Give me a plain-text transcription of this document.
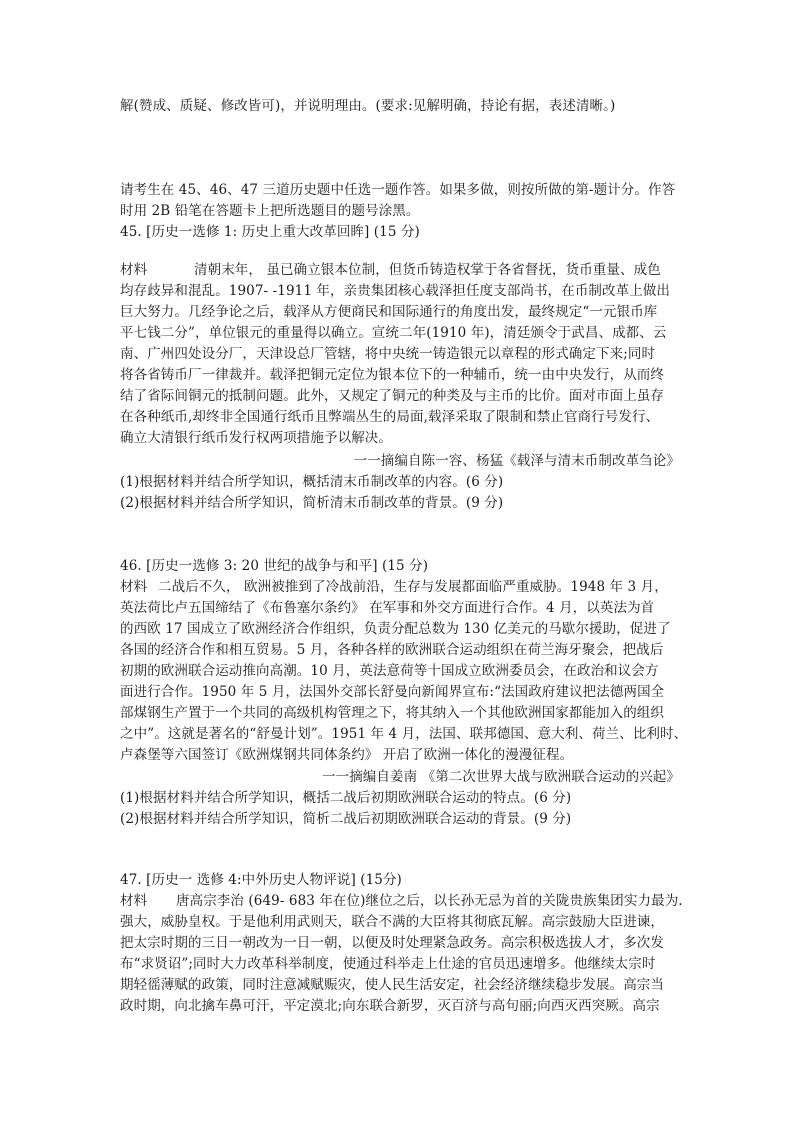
解(赞成、质疑、修改皆可)，并说明理由。(要求:见解明确，持论有据，表述清晰。)
请考生在 45、46、47 三道历史题中任选一题作答。如果多做，则按所做的第-题计分。作答
时用 2B 铅笔在答题卡上把所选题目的题号涂黑。
45. [历史一选修 1: 历史上重大改革回眸] (15 分)
材料	清朝末年， 虽已确立银本位制，但货币铸造权掌于各省督抚，货币重量、成色
均存歧异和混乱。1907- -1911 年，亲贵集团核心载泽担任度支部尚书，在币制改革上做出
巨大努力。几经争论之后，载泽从方便商民和国际通行的角度出发，最终规定“一元银币库
平七钱二分”，单位银元的重量得以确立。宣统二年(1910 年)，清廷颁令于武昌、成都、云
南、广州四处设分厂，天津设总厂管辖，将中央统一铸造银元以章程的形式确定下来;同时
将各省铸币厂一律裁并。载泽把铜元定位为银本位下的一种辅币，统一由中央发行，从而终
结了省际间铜元的抵制问题。此外，又规定了铜元的种类及与主币的比价。面对市面上虽存
在各种纸币,却终非全国通行纸币且弊端丛生的局面,载泽采取了限制和禁止官商行号发行、
确立大清银行纸币发行权两项措施予以解决。
一一摘编自陈一容、杨猛《载泽与清末币制改革刍论》
(1)根据材料并结合所学知识，概括清末币制改革的内容。(6 分)
(2)根据材料并结合所学知识，简析清末币制改革的背景。(9 分)
46. [历史一选修 3: 20 世纪的战争与和平] (15 分)
材料 二战后不久， 欧洲被推到了冷战前沿，生存与发展都面临严重威胁。1948 年 3 月，
英法荷比卢五国缔结了《布鲁塞尔条约》 在军事和外交方面进行合作。4 月，以英法为首
的西欧 17 国成立了欧洲经济合作组织，负责分配总数为 130 亿美元的马歇尔援助，促进了
各国的经济合作和相互贸易。5 月，各种各样的欧洲联合运动组织在荷兰海牙聚会，把战后
初期的欧洲联合运动推向高潮。10 月，英法意荷等十国成立欧洲委员会，在政治和议会方
面进行合作。1950 年 5 月，法国外交部长舒曼向新闻界宣布:“法国政府建议把法德两国全
部煤钢生产置于一个共同的高级机构管理之下，将其纳入一个其他欧洲国家都能加入的组织
之中”。这就是著名的“舒曼计划”。1951 年 4 月，法国、联邦德国、意大利、荷兰、比利时、
卢森堡等六国签订《欧洲煤钢共同体条约》 开启了欧洲一体化的漫漫征程。
一一摘编自姜南 《第二次世界大战与欧洲联合运动的兴起》
(1)根据材料并结合所学知识，概括二战后初期欧洲联合运动的特点。(6 分)
(2)根据材料并结合所学知识，简析二战后初期欧洲联合运动的背景。(9 分)
47. [历史一 选修 4:中外历史人物评说] (15分)
材料 唐高宗李治 (649- 683 年在位)继位之后，以长孙无忌为首的关陇贵族集团实力最为.
强大，威胁皇权。于是他利用武则天，联合不满的大臣将其彻底瓦解。高宗鼓励大臣进谏，
把太宗时期的三日一朝改为一日一朝，以便及时处理紧急政务。高宗积极选拔人才，多次发
布“求贤诏”;同时大力改革科举制度，使通过科举走上仕途的官员迅速增多。他继续太宗时
期轻徭薄赋的政策，同时注意减赋赈灾，使人民生活安定，社会经济继续稳步发展。高宗当
政时期，向北擒车鼻可汗，平定漠北;向东联合新罗，灭百济与高句丽;向西灭西突厥。高宗
